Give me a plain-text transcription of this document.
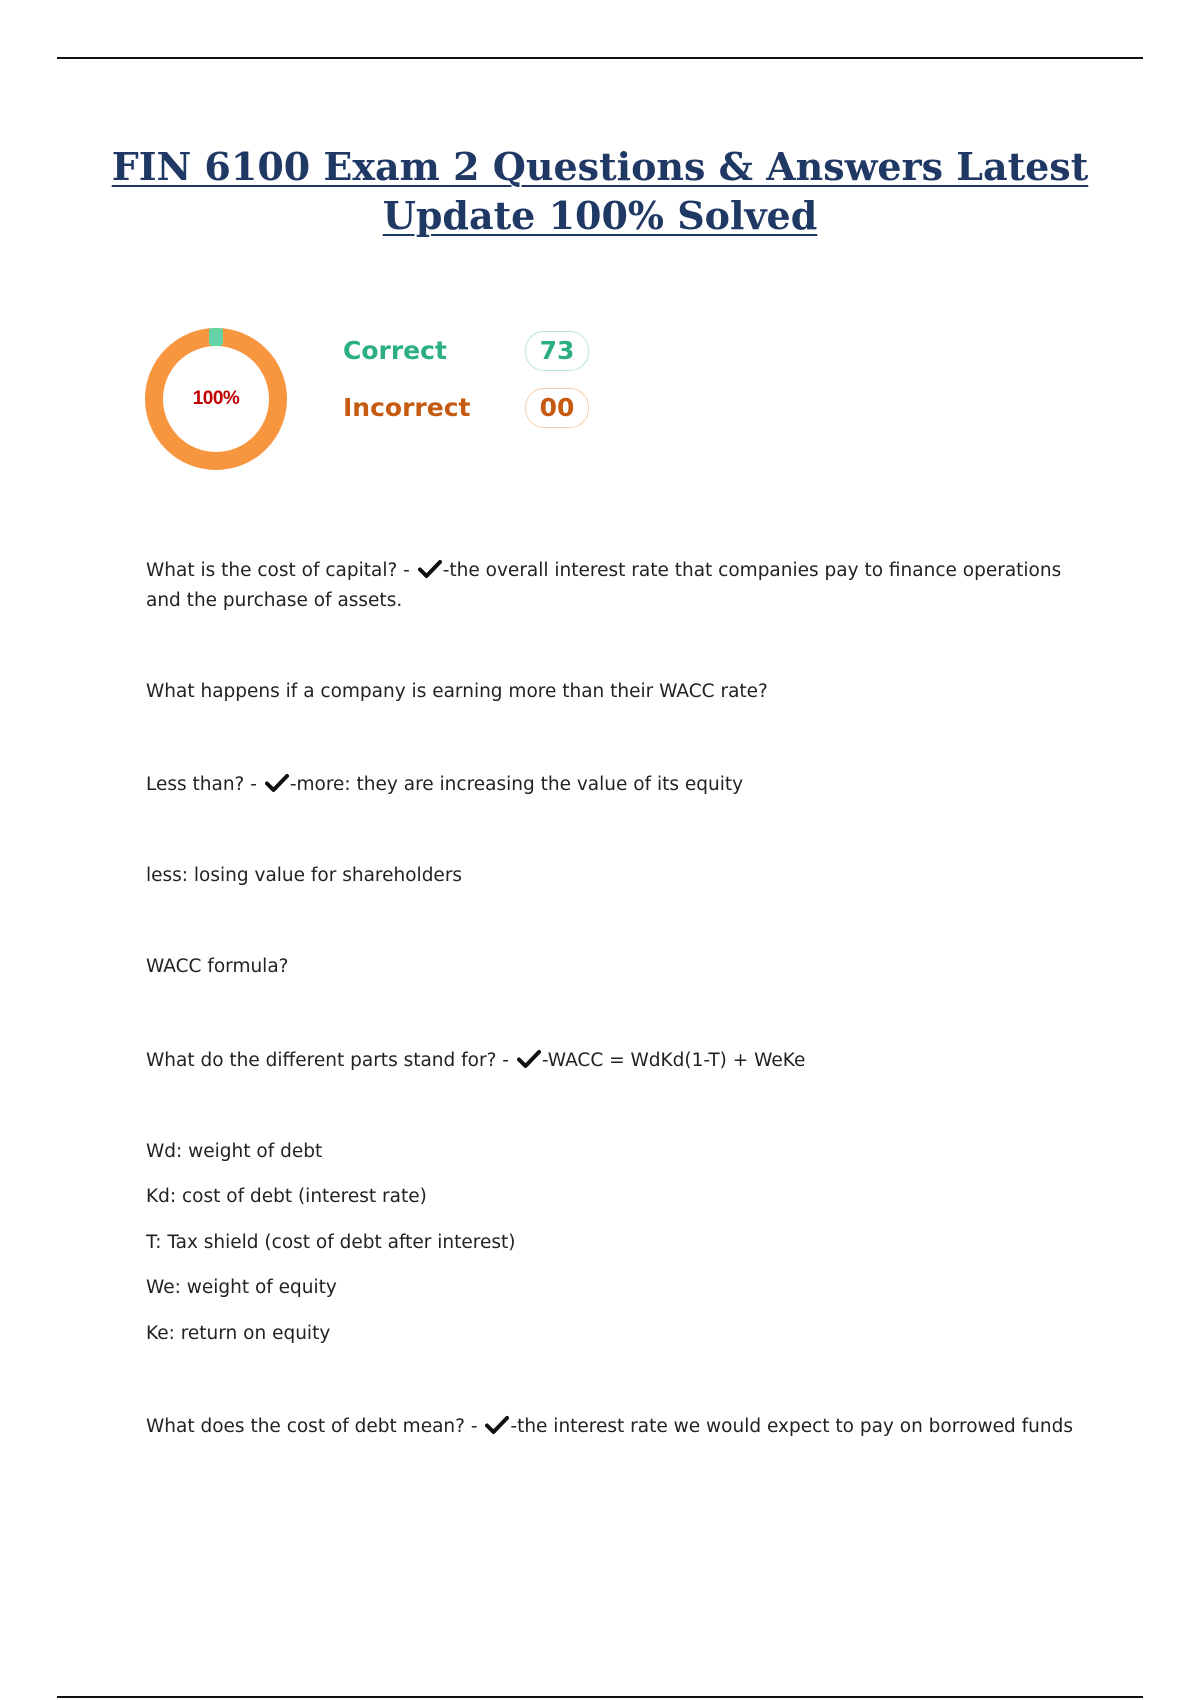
FIN 6100 Exam 2 Questions & Answers Latest
Update 100% Solved
100%
Correct	73
Incorrect	00

What is the cost of capital? - -the overall interest rate that companies pay to finance operations and the purchase of assets.

What happens if a company is earning more than their WACC rate?

Less than? - -more: they are increasing the value of its equity

less: losing value for shareholders

WACC formula?

What do the different parts stand for? - -WACC = WdKd(1-T) + WeKe

Wd: weight of debt

Kd: cost of debt (interest rate)

T: Tax shield (cost of debt after interest)

We: weight of equity

Ke: return on equity

What does the cost of debt mean? - -the interest rate we would expect to pay on borrowed funds
